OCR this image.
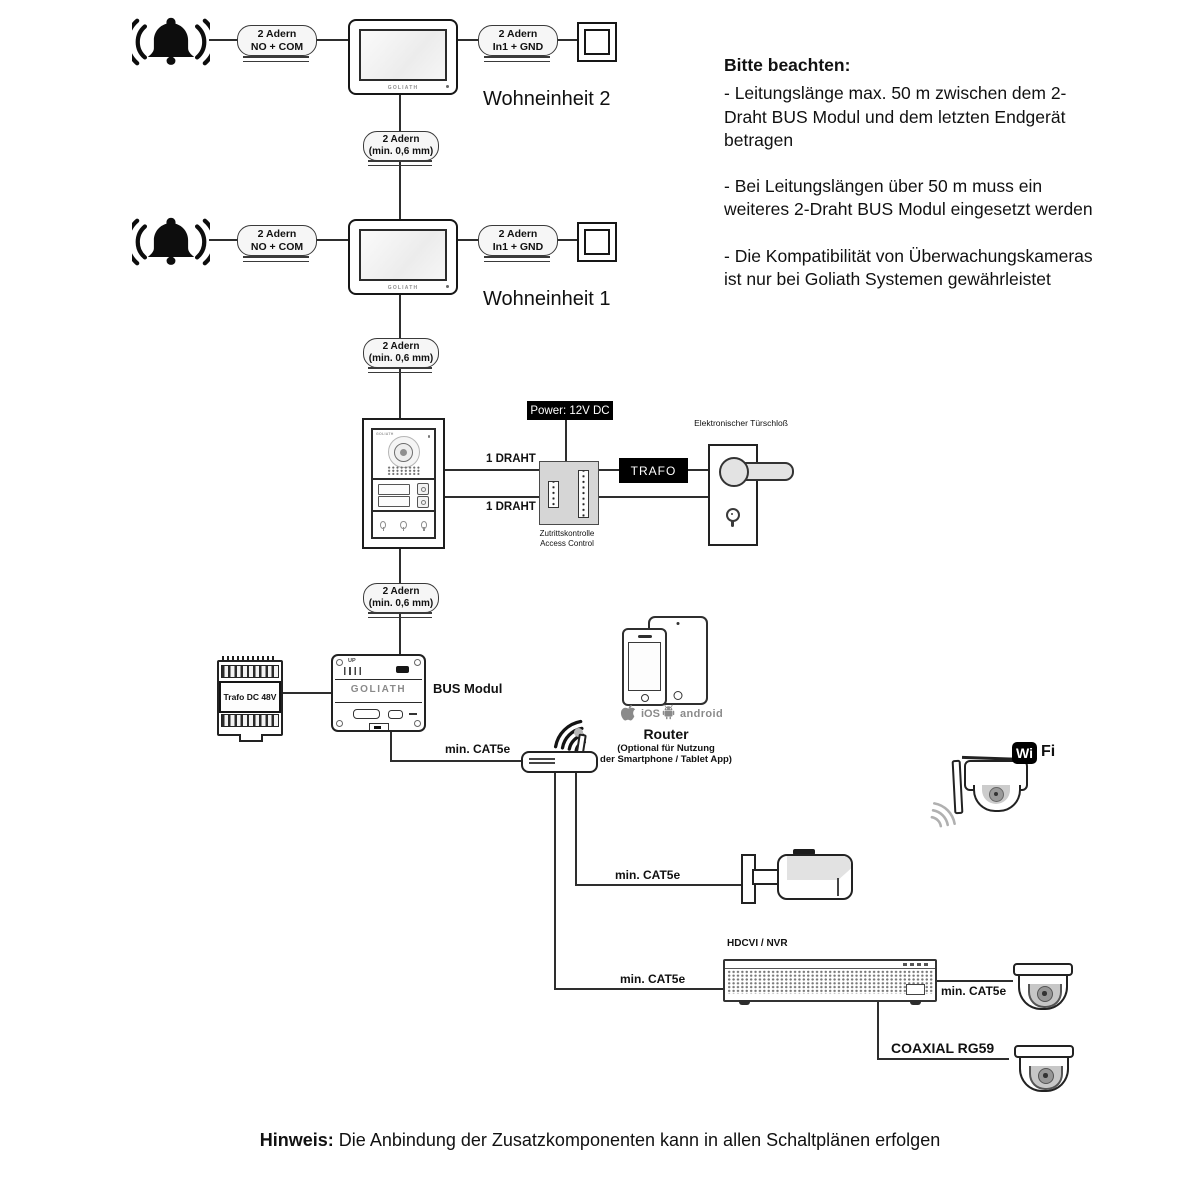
2 Adern
NO + COM
GOLIATH
2 Adern
In1 + GND
Wohneinheit 2
2 Adern
(min. 0,6 mm)
2 Adern
NO + COM
GOLIATH
2 Adern
In1 + GND
Wohneinheit 1
2 Adern
(min. 0,6 mm)
Bitte beachten:

- Leitungslänge max. 50 m zwischen dem 2-Draht BUS Modul und dem letzten Endgerät betragen

- Bei Leitungslängen über 50 m muss ein weiteres 2-Draht BUS Modul eingesetzt werden

- Die Kompatibilität von Überwachungskameras ist nur bei Goliath Systemen gewährleistet

GOLIATH
1 DRAHT
1 DRAHT
Power: 12V DC
Zutrittskontrolle
Access Control
TRAFO
Elektronischer Türschloß
2 Adern
(min. 0,6 mm)
Trafo DC 48V
UP
GOLIATH	BUS Modul
min. CAT5e
iOS android
Router
(Optional für Nutzung
der Smartphone / Tablet App)	Wi Fi
min. CAT5e
HDCVI / NVR
min. CAT5e
min. CAT5e
COAXIAL RG59
Hinweis: Die Anbindung der Zusatzkomponenten kann in allen Schaltplänen erfolgen
